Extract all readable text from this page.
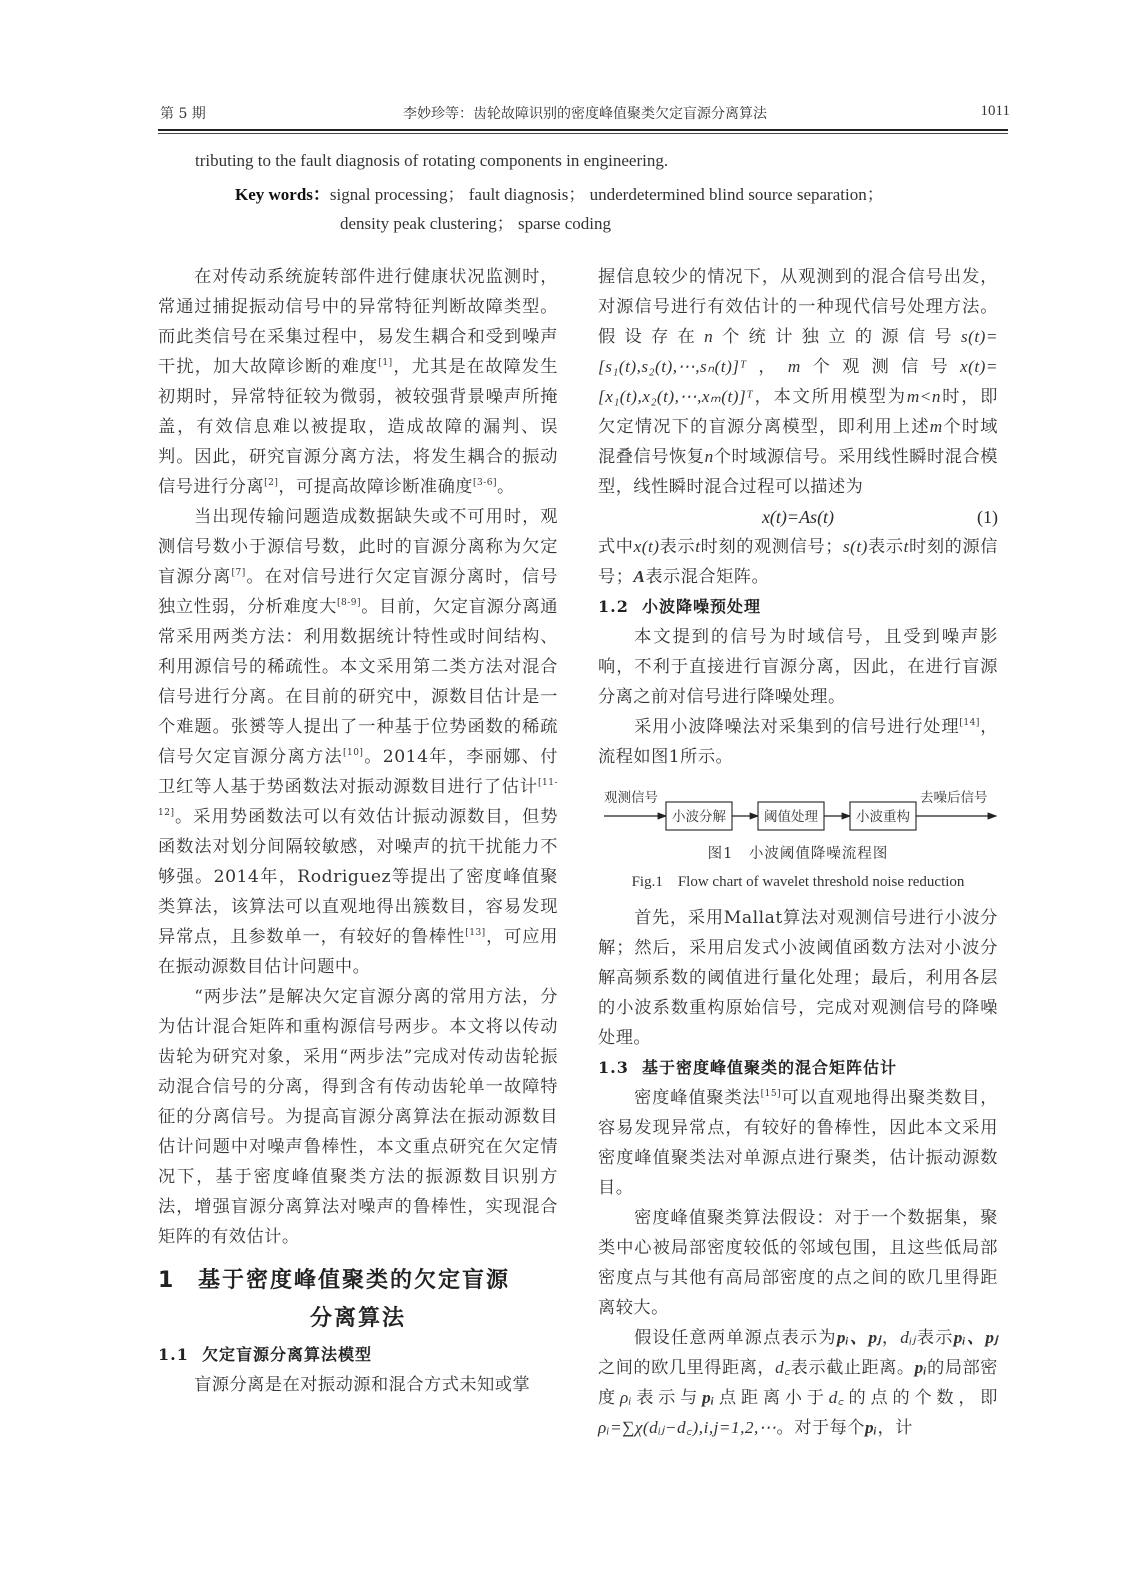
第 5 期	李妙珍等：齿轮故障识别的密度峰值聚类欠定盲源分离算法	1011
tributing to the fault diagnosis of rotating components in engineering.
Key words：signal processing； fault diagnosis； underdetermined blind source separation；
density peak clustering； sparse coding

在对传动系统旋转部件进行健康状况监测时，常通过捕捉振动信号中的异常特征判断故障类型。而此类信号在采集过程中，易发生耦合和受到噪声干扰，加大故障诊断的难度[1]，尤其是在故障发生初期时，异常特征较为微弱，被较强背景噪声所掩盖，有效信息难以被提取，造成故障的漏判、误判。因此，研究盲源分离方法，将发生耦合的振动信号进行分离[2]，可提高故障诊断准确度[3-6]。

当出现传输问题造成数据缺失或不可用时，观测信号数小于源信号数，此时的盲源分离称为欠定盲源分离[7]。在对信号进行欠定盲源分离时，信号独立性弱，分析难度大[8-9]。目前，欠定盲源分离通常采用两类方法：利用数据统计特性或时间结构、利用源信号的稀疏性。本文采用第二类方法对混合信号进行分离。在目前的研究中，源数目估计是一个难题。张赟等人提出了一种基于位势函数的稀疏信号欠定盲源分离方法[10]。2014年，李丽娜、付卫红等人基于势函数法对振动源数目进行了估计[11-12]。采用势函数法可以有效估计振动源数目，但势函数法对划分间隔较敏感，对噪声的抗干扰能力不够强。2014年，Rodriguez等提出了密度峰值聚类算法，该算法可以直观地得出簇数目，容易发现异常点，且参数单一，有较好的鲁棒性[13]，可应用在振动源数目估计问题中。

“两步法”是解决欠定盲源分离的常用方法，分为估计混合矩阵和重构源信号两步。本文将以传动齿轮为研究对象，采用“两步法”完成对传动齿轮振动混合信号的分离，得到含有传动齿轮单一故障特征的分离信号。为提高盲源分离算法在振动源数目估计问题中对噪声鲁棒性，本文重点研究在欠定情况下，基于密度峰值聚类方法的振源数目识别方法，增强盲源分离算法对噪声的鲁棒性，实现混合矩阵的有效估计。

1 基于密度峰值聚类的欠定盲源
分离算法
1.1 欠定盲源分离算法模型

盲源分离是在对振动源和混合方式未知或掌

握信息较少的情况下，从观测到的混合信号出发，对源信号进行有效估计的一种现代信号处理方法。假设存在n个统计独立的源信号s(t)=[s₁(t),s₂(t),⋯,sₙ(t)]ᵀ，m个观测信号x(t)=[x₁(t),x₂(t),⋯,xₘ(t)]ᵀ，本文所用模型为m<n时，即欠定情况下的盲源分离模型，即利用上述m个时域混叠信号恢复n个时域源信号。采用线性瞬时混合模型，线性瞬时混合过程可以描述为

x(t)=As(t)	(1)

式中x(t)表示t时刻的观测信号；s(t)表示t时刻的源信号；A表示混合矩阵。

1.2 小波降噪预处理

本文提到的信号为时域信号，且受到噪声影响，不利于直接进行盲源分离，因此，在进行盲源分离之前对信号进行降噪处理。

采用小波降噪法对采集到的信号进行处理[14]，流程如图1所示。

观测信号
小波分解	阈值处理	小波重构
去噪后信号
图1　小波阈值降噪流程图
Fig.1　Flow chart of wavelet threshold noise reduction

首先，采用Mallat算法对观测信号进行小波分解；然后，采用启发式小波阈值函数方法对小波分解高频系数的阈值进行量化处理；最后，利用各层的小波系数重构原始信号，完成对观测信号的降噪处理。

1.3 基于密度峰值聚类的混合矩阵估计

密度峰值聚类法[15]可以直观地得出聚类数目，容易发现异常点，有较好的鲁棒性，因此本文采用密度峰值聚类法对单源点进行聚类，估计振动源数目。

密度峰值聚类算法假设：对于一个数据集，聚类中心被局部密度较低的邻域包围，且这些低局部密度点与其他有高局部密度的点之间的欧几里得距离较大。

假设任意两单源点表示为pᵢ、pⱼ，dᵢⱼ表示pᵢ、pⱼ之间的欧几里得距离，d꜀表示截止距离。pᵢ的局部密度ρᵢ表示与pᵢ点距离小于d꜀的点的个数，即ρᵢ=∑χ(dᵢⱼ−d꜀),i,j=1,2,⋯。对于每个pᵢ，计
